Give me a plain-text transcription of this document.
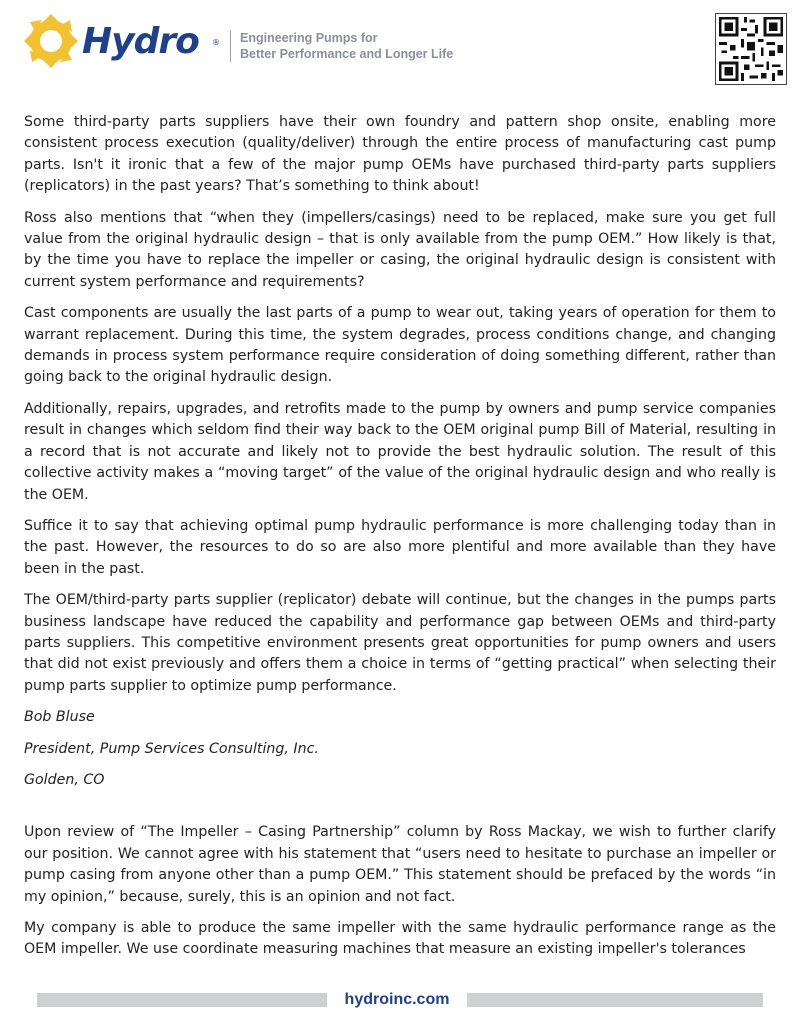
Hydro ® Engineering Pumps for
Better Performance and Longer Life

Some third-party parts suppliers have their own foundry and pattern shop onsite, enabling more consistent process execution (quality/deliver) through the entire process of manufacturing cast pump parts. Isn't it ironic that a few of the major pump OEMs have purchased third-party parts suppliers (replicators) in the past years? That’s something to think about!

Ross also mentions that “when they (impellers/casings) need to be replaced, make sure you get full value from the original hydraulic design – that is only available from the pump OEM.” How likely is that, by the time you have to replace the impeller or casing, the original hydraulic design is consistent with current system performance and requirements?

Cast components are usually the last parts of a pump to wear out, taking years of operation for them to warrant replacement. During this time, the system degrades, process conditions change, and changing demands in process system performance require consideration of doing something different, rather than going back to the original hydraulic design.

Additionally, repairs, upgrades, and retrofits made to the pump by owners and pump service companies result in changes which seldom find their way back to the OEM original pump Bill of Material, resulting in a record that is not accurate and likely not to provide the best hydraulic solution. The result of this collective activity makes a “moving target” of the value of the original hydraulic design and who really is the OEM.

Suffice it to say that achieving optimal pump hydraulic performance is more challenging today than in the past. However, the resources to do so are also more plentiful and more available than they have been in the past.

The OEM/third-party parts supplier (replicator) debate will continue, but the changes in the pumps parts business landscape have reduced the capability and performance gap between OEMs and third-party parts suppliers. This competitive environment presents great opportunities for pump owners and users that did not exist previously and offers them a choice in terms of “getting practical” when selecting their pump parts supplier to optimize pump performance.

Bob Bluse

President, Pump Services Consulting, Inc.

Golden, CO

Upon review of “The Impeller – Casing Partnership” column by Ross Mackay, we wish to further clarify our position. We cannot agree with his statement that “users need to hesitate to purchase an impeller or pump casing from anyone other than a pump OEM.” This statement should be prefaced by the words “in my opinion,” because, surely, this is an opinion and not fact.

My company is able to produce the same impeller with the same hydraulic performance range as the OEM impeller. We use coordinate measuring machines that measure an existing impeller's tolerances

hydroinc.com
